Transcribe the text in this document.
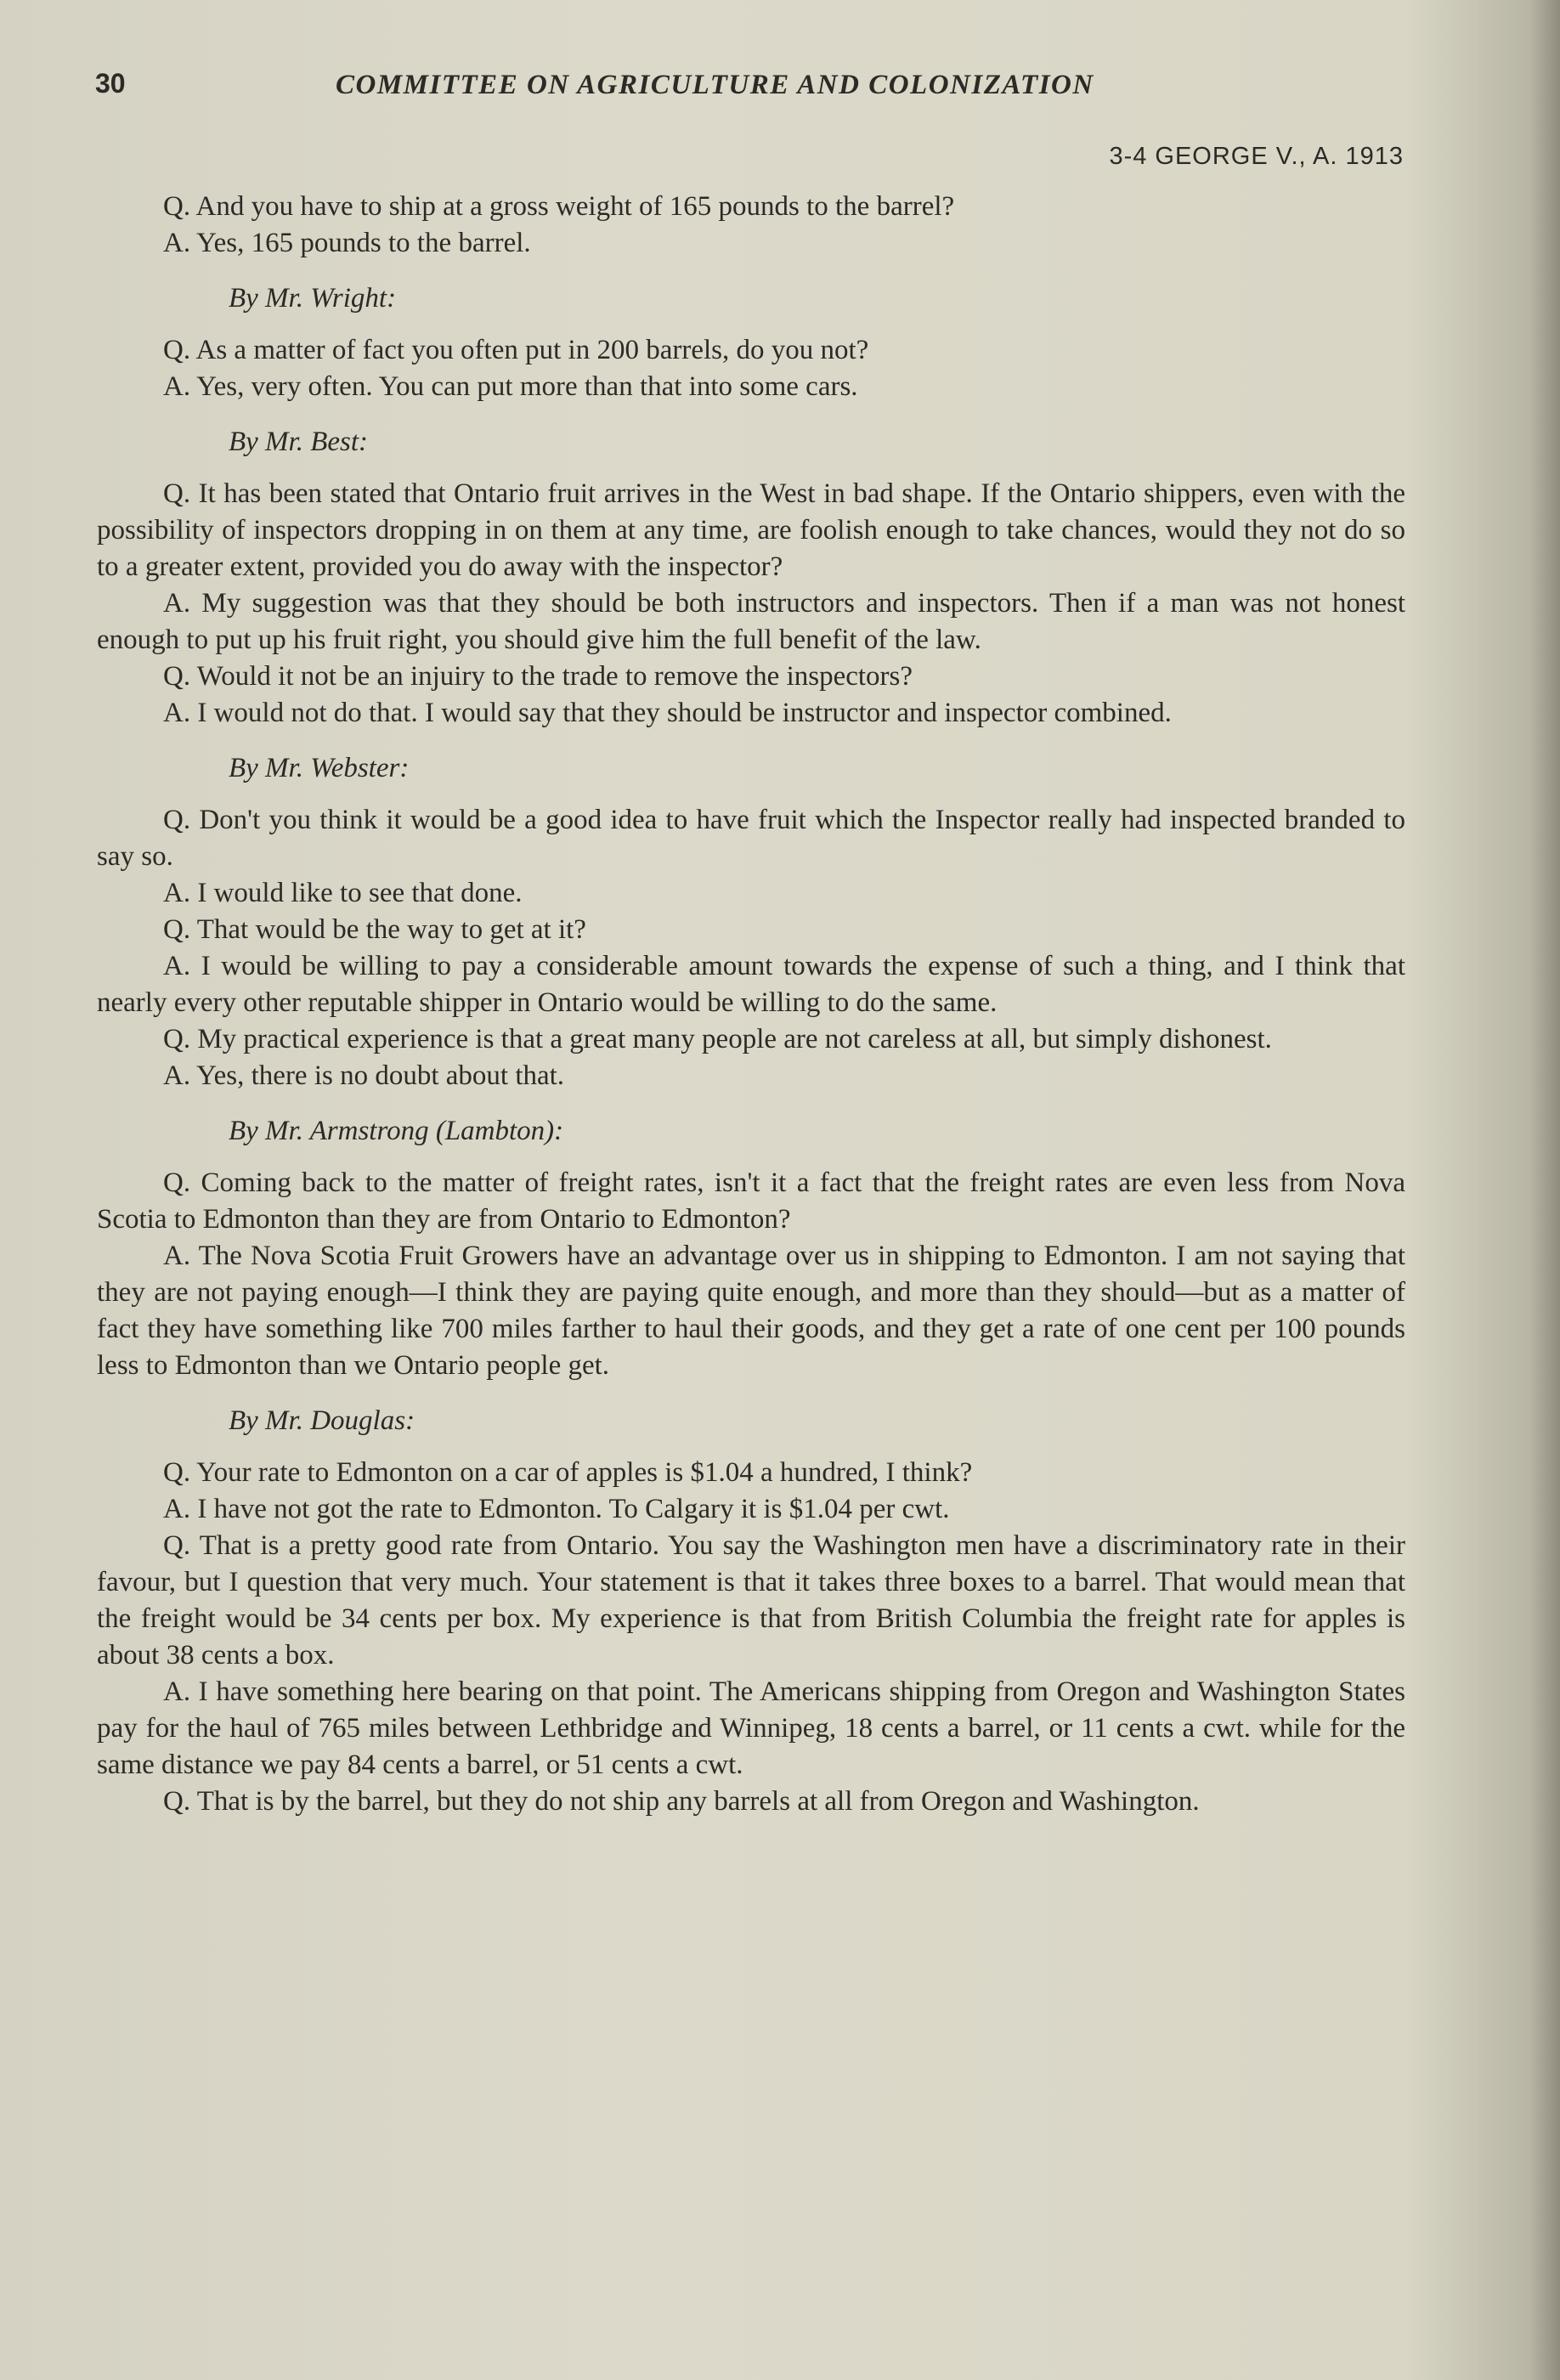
30	COMMITTEE ON AGRICULTURE AND COLONIZATION
3-4 GEORGE V., A. 1913

Q. And you have to ship at a gross weight of 165 pounds to the barrel?

A. Yes, 165 pounds to the barrel.

By Mr. Wright:

Q. As a matter of fact you often put in 200 barrels, do you not?

A. Yes, very often. You can put more than that into some cars.

By Mr. Best:

Q. It has been stated that Ontario fruit arrives in the West in bad shape. If the Ontario shippers, even with the possibility of inspectors dropping in on them at any time, are foolish enough to take chances, would they not do so to a greater extent, provided you do away with the inspector?

A. My suggestion was that they should be both instructors and inspectors. Then if a man was not honest enough to put up his fruit right, you should give him the full benefit of the law.

Q. Would it not be an injuiry to the trade to remove the inspectors?

A. I would not do that. I would say that they should be instructor and inspector combined.

By Mr. Webster:

Q. Don't you think it would be a good idea to have fruit which the Inspector really had inspected branded to say so.

A. I would like to see that done.

Q. That would be the way to get at it?

A. I would be willing to pay a considerable amount towards the expense of such a thing, and I think that nearly every other reputable shipper in Ontario would be willing to do the same.

Q. My practical experience is that a great many people are not careless at all, but simply dishonest.

A. Yes, there is no doubt about that.

By Mr. Armstrong (Lambton):

Q. Coming back to the matter of freight rates, isn't it a fact that the freight rates are even less from Nova Scotia to Edmonton than they are from Ontario to Edmonton?

A. The Nova Scotia Fruit Growers have an advantage over us in shipping to Edmonton. I am not saying that they are not paying enough—I think they are paying quite enough, and more than they should—but as a matter of fact they have something like 700 miles farther to haul their goods, and they get a rate of one cent per 100 pounds less to Edmonton than we Ontario people get.

By Mr. Douglas:

Q. Your rate to Edmonton on a car of apples is $1.04 a hundred, I think?

A. I have not got the rate to Edmonton. To Calgary it is $1.04 per cwt.

Q. That is a pretty good rate from Ontario. You say the Washington men have a discriminatory rate in their favour, but I question that very much. Your statement is that it takes three boxes to a barrel. That would mean that the freight would be 34 cents per box. My experience is that from British Columbia the freight rate for apples is about 38 cents a box.

A. I have something here bearing on that point. The Americans shipping from Oregon and Washington States pay for the haul of 765 miles between Lethbridge and Winnipeg, 18 cents a barrel, or 11 cents a cwt. while for the same distance we pay 84 cents a barrel, or 51 cents a cwt.

Q. That is by the barrel, but they do not ship any barrels at all from Oregon and Washington.
